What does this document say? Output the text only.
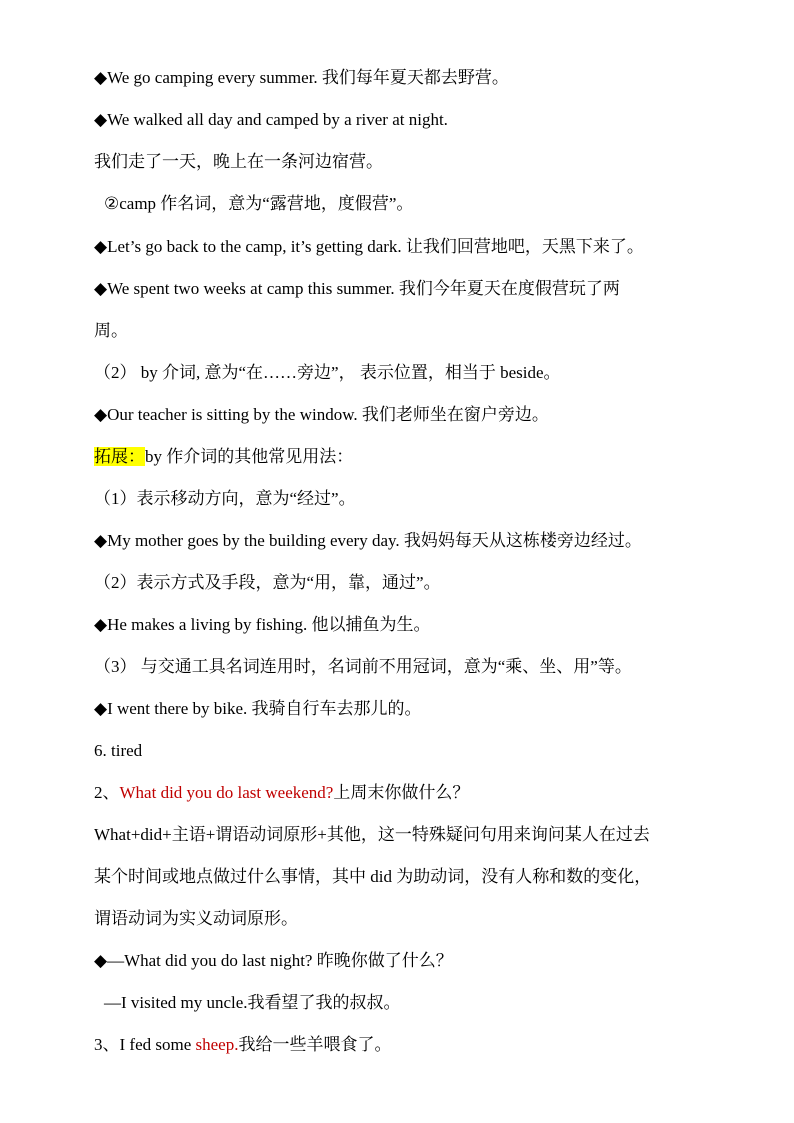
◆We go camping every summer. 我们每年夏天都去野营。
◆We walked all day and camped by a river at night.
我们走了一天，晚上在一条河边宿营。
②camp 作名词，意为“露营地，度假营”。
◆Let’s go back to the camp, it’s getting dark. 让我们回营地吧，天黑下来了。
◆We spent two weeks at camp this summer. 我们今年夏天在度假营玩了两
周。
（2） by 介词, 意为“在……旁边”， 表示位置，相当于 beside。
◆Our teacher is sitting by the window. 我们老师坐在窗户旁边。
拓展：by 作介词的其他常见用法：
（1）表示移动方向，意为“经过”。
◆My mother goes by the building every day. 我妈妈每天从这栋楼旁边经过。
（2）表示方式及手段，意为“用，靠，通过”。
◆He makes a living by fishing. 他以捕鱼为生。
（3） 与交通工具名词连用时，名词前不用冠词，意为“乘、坐、用”等。
◆I went there by bike. 我骑自行车去那儿的。
6. tired
2、What did you do last weekend?上周末你做什么？
What+did+主语+谓语动词原形+其他，这一特殊疑问句用来询问某人在过去
某个时间或地点做过什么事情，其中 did 为助动词，没有人称和数的变化，
谓语动词为实义动词原形。
◆—What did you do last night? 昨晚你做了什么？
—I visited my uncle.我看望了我的叔叔。
3、I fed some sheep.我给一些羊喂食了。
